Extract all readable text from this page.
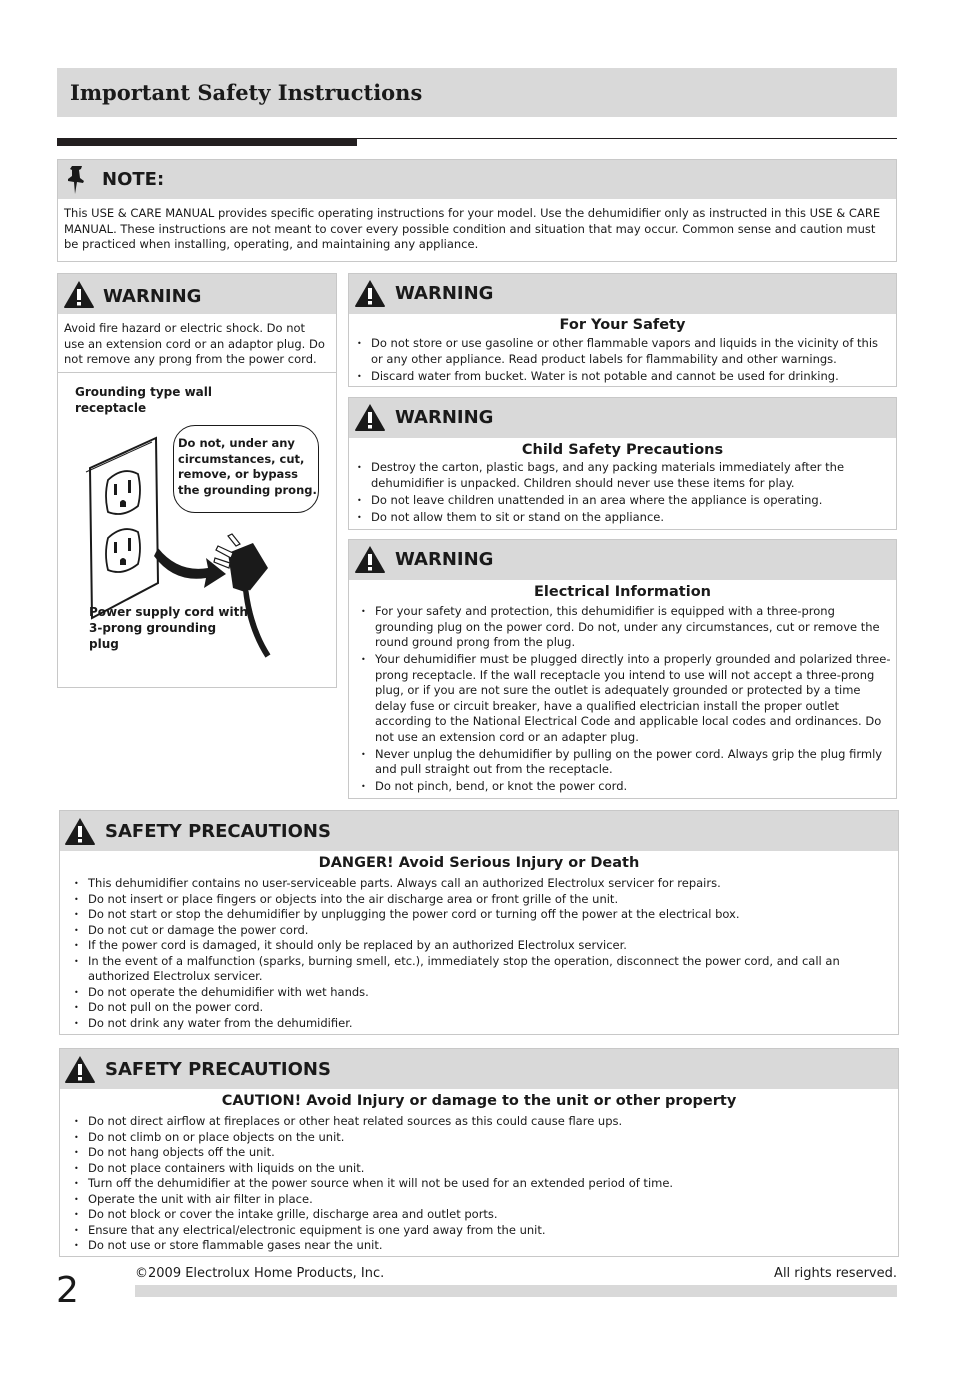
Important Safety Instructions
NOTE:
This USE & CARE MANUAL provides specific operating instructions for your model. Use the dehumidifier only as instructed in this USE & CARE MANUAL. These instructions are not meant to cover every possible condition and situation that may occur. Common sense and caution must be practiced when installing, operating, and maintaining any appliance.
WARNING
Avoid fire hazard or electric shock. Do not use an extension cord or an adaptor plug. Do not remove any prong from the power cord.
Grounding type wall receptacle
Do not, under any circumstances, cut, remove, or bypass the grounding prong.
Power supply cord with 3-prong grounding plug
WARNING
For Your Safety
• Do not store or use gasoline or other flammable vapors and liquids in the vicinity of this or any other appliance. Read product labels for flammability and other warnings.
• Discard water from bucket. Water is not potable and cannot be used for drinking.
WARNING
Child Safety Precautions
• Destroy the carton, plastic bags, and any packing materials immediately after the dehumidifier is unpacked. Children should never use these items for play.
• Do not leave children unattended in an area where the appliance is operating.
• Do not allow them to sit or stand on the appliance.
WARNING
Electrical Information
• For your safety and protection, this dehumidifier is equipped with a three-prong grounding plug on the power cord. Do not, under any circumstances, cut or remove the round ground prong from the plug.
• Your dehumidifier must be plugged directly into a properly grounded and polarized three-prong receptacle. If the wall receptacle you intend to use will not accept a three-prong plug, or if you are not sure the outlet is adequately grounded or protected by a time delay fuse or circuit breaker, have a qualified electrician install the proper outlet according to the National Electrical Code and applicable local codes and ordinances. Do not use an extension cord or an adapter plug.
• Never unplug the dehumidifier by pulling on the power cord. Always grip the plug firmly and pull straight out from the receptacle.
• Do not pinch, bend, or knot the power cord.
SAFETY PRECAUTIONS
DANGER! Avoid Serious Injury or Death
• This dehumidifier contains no user-serviceable parts. Always call an authorized Electrolux servicer for repairs.
• Do not insert or place fingers or objects into the air discharge area or front grille of the unit.
• Do not start or stop the dehumidifier by unplugging the power cord or turning off the power at the electrical box.
• Do not cut or damage the power cord.
• If the power cord is damaged, it should only be replaced by an authorized Electrolux servicer.
• In the event of a malfunction (sparks, burning smell, etc.), immediately stop the operation, disconnect the power cord, and call an authorized Electrolux servicer.
• Do not operate the dehumidifier with wet hands.
• Do not pull on the power cord.
• Do not drink any water from the dehumidifier.
SAFETY PRECAUTIONS
CAUTION! Avoid Injury or damage to the unit or other property
• Do not direct airflow at fireplaces or other heat related sources as this could cause flare ups.
• Do not climb on or place objects on the unit.
• Do not hang objects off the unit.
• Do not place containers with liquids on the unit.
• Turn off the dehumidifier at the power source when it will not be used for an extended period of time.
• Operate the unit with air filter in place.
• Do not block or cover the intake grille, discharge area and outlet ports.
• Ensure that any electrical/electronic equipment is one yard away from the unit.
• Do not use or store flammable gases near the unit.
2	©2009 Electrolux Home Products, Inc.	All rights reserved.
